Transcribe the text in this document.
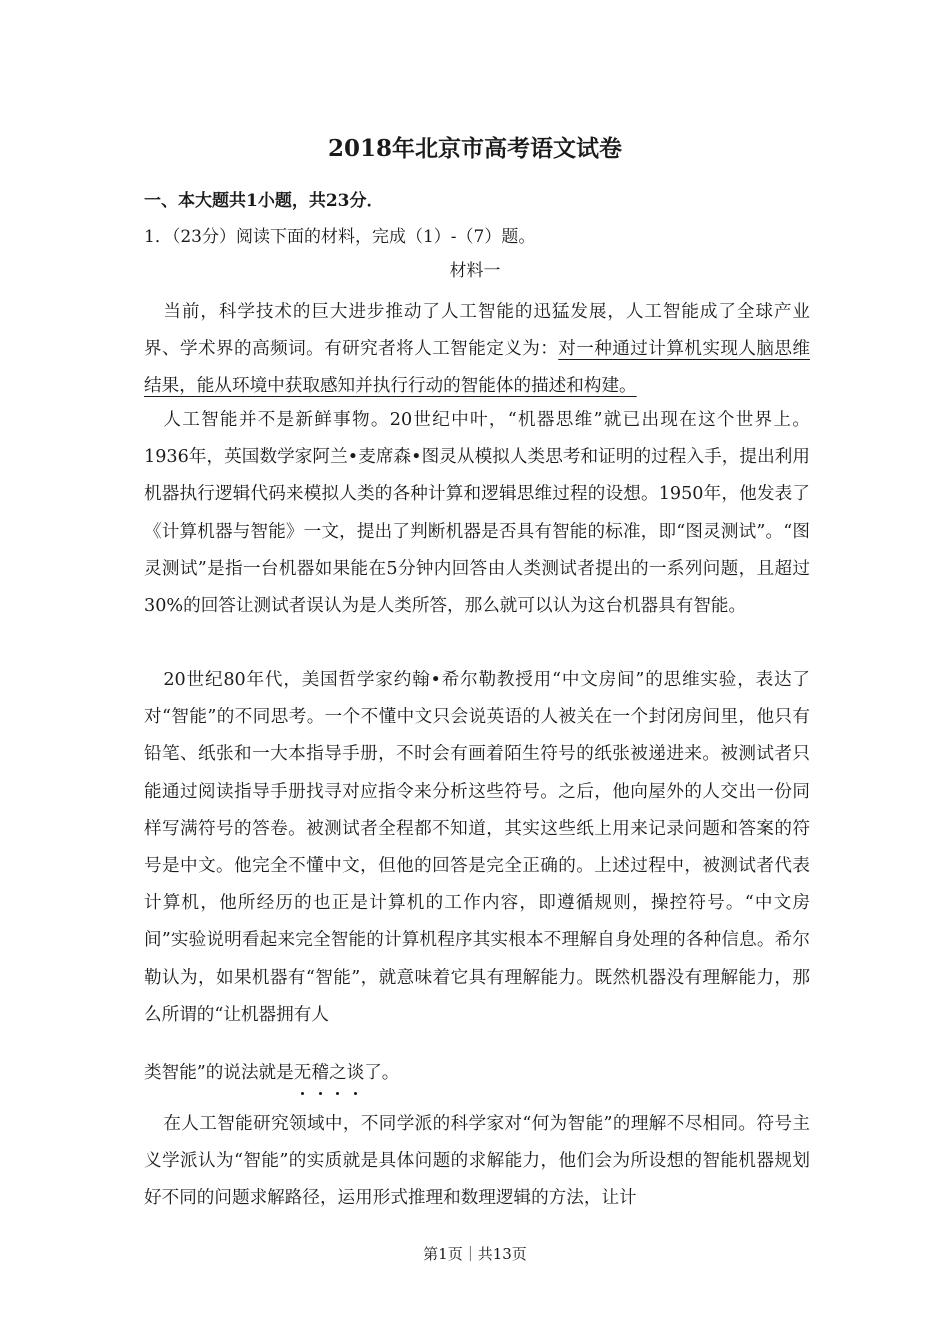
2018年北京市高考语文试卷
一、本大题共1小题，共23分．
1．（23分）阅读下面的材料，完成（1）-（7）题。
材料一

当前，科学技术的巨大进步推动了人工智能的迅猛发展，人工智能成了全球产业界、学术界的高频词。有研究者将人工智能定义为：对一种通过计算机实现人脑思维结果，能从环境中获取感知并执行行动的智能体的描述和构建。

人工智能并不是新鲜事物。20世纪中叶，“机器思维”就已出现在这个世界上。1936年，英国数学家阿兰•麦席森•图灵从模拟人类思考和证明的过程入手，提出利用机器执行逻辑代码来模拟人类的各种计算和逻辑思维过程的设想。1950年，他发表了《计算机器与智能》一文，提出了判断机器是否具有智能的标准，即“图灵测试”。“图灵测试”是指一台机器如果能在5分钟内回答由人类测试者提出的一系列问题，且超过30%的回答让测试者误认为是人类所答，那么就可以认为这台机器具有智能。

20世纪80年代，美国哲学家约翰•希尔勒教授用“中文房间”的思维实验，表达了对“智能”的不同思考。一个不懂中文只会说英语的人被关在一个封闭房间里，他只有铅笔、纸张和一大本指导手册，不时会有画着陌生符号的纸张被递进来。被测试者只能通过阅读指导手册找寻对应指令来分析这些符号。之后，他向屋外的人交出一份同样写满符号的答卷。被测试者全程都不知道，其实这些纸上用来记录问题和答案的符号是中文。他完全不懂中文，但他的回答是完全正确的。上述过程中，被测试者代表计算机，他所经历的也正是计算机的工作内容，即遵循规则，操控符号。“中文房间”实验说明看起来完全智能的计算机程序其实根本不理解自身处理的各种信息。希尔勒认为，如果机器有“智能”，就意味着它具有理解能力。既然机器没有理解能力，那么所谓的“让机器拥有人

类智能”的说法就是无稽之谈了。

在人工智能研究领域中，不同学派的科学家对“何为智能”的理解不尽相同。符号主义学派认为“智能”的实质就是具体问题的求解能力，他们会为所设想的智能机器规划好不同的问题求解路径，运用形式推理和数理逻辑的方法，让计

第1页｜共13页
